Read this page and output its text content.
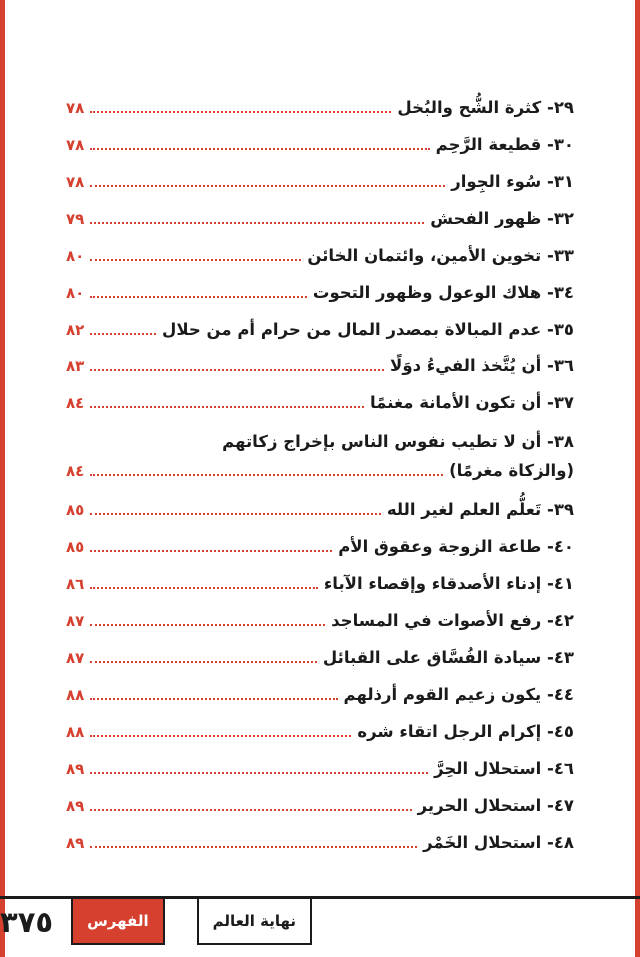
٢٩- كثرة الشُّح والبُخل
٧٨
٣٠- قطيعة الرَّحِم
٧٨
٣١- سُوء الجِوار
٧٨
٣٢- ظهور الفحش
٧٩
٣٣- تخوين الأمين، وائتمان الخائن
٨٠
٣٤- هلاك الوعول وظهور التحوت
٨٠
٣٥- عدم المبالاة بمصدر المال من حرام أم من حلال
٨٢
٣٦- أن يُتَّخذ الفيءُ دوَلًا
٨٣
٣٧- أن تكون الأمانة مغنمًا
٨٤
٣٨- أن لا تطيب نفوس الناس بإخراج زكاتهم
(والزكاة مغرمًا)
٨٤
٣٩- تَعلُّم العلم لغير الله
٨٥
٤٠- طاعة الزوجة وعقوق الأم
٨٥
٤١- إدناء الأصدقاء وإقصاء الآباء
٨٦
٤٢- رفع الأصوات في المساجد
٨٧
٤٣- سيادة الفُسَّاق على القبائل
٨٧
٤٤- يكون زعيم القوم أرذلهم
٨٨
٤٥- إكرام الرجل اتقاء شره
٨٨
٤٦- استحلال الحِرَّ
٨٩
٤٧- استحلال الحرير
٨٩
٤٨- استحلال الخَمْر
٨٩
٣٧٥	الفهرس	نهاية العالم
